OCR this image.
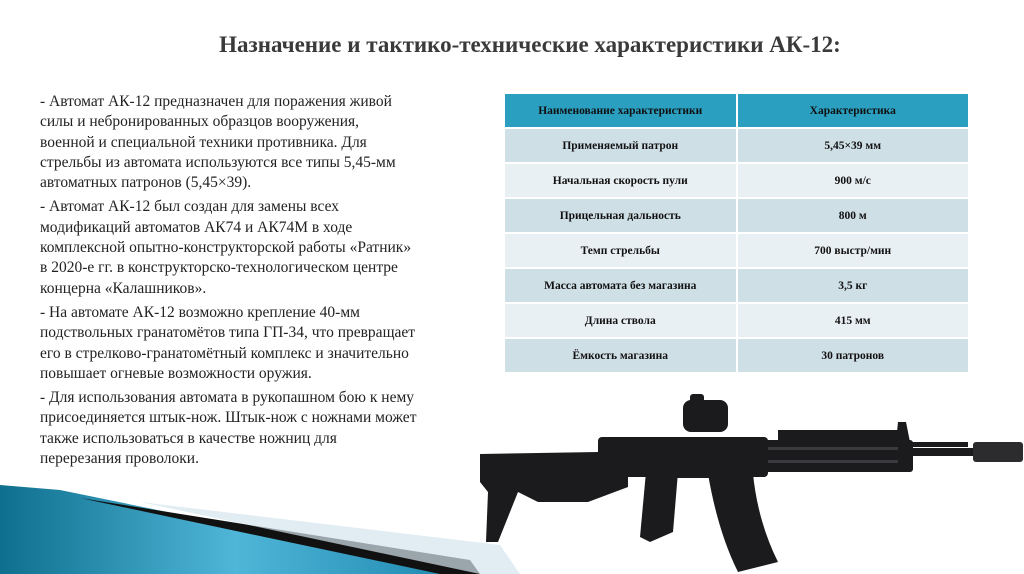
Назначение и тактико-технические характеристики АК-12:
- Автомат АК-12 предназначен для поражения живой
силы и небронированных образцов вооружения,
военной и специальной техники противника. Для
стрельбы из автомата используются все типы 5,45-мм
автоматных патронов (5,45×39).
- Автомат АК-12 был создан для замены всех
модификаций автоматов АК74 и АК74М в ходе
комплексной опытно-конструкторской работы «Ратник»
в 2020-е гг. в конструкторско-технологическом центре
концерна «Калашников».
- На автомате АК-12 возможно крепление 40-мм
подствольных гранатомётов типа ГП-34, что превращает
его в стрелково-гранатомётный комплекс и значительно
повышает огневые возможности оружия.
- Для использования автомата в рукопашном бою к нему
присоединяется штык-нож. Штык-нож с ножнами может
также использоваться в качестве ножниц для
перерезания проволоки.
Наименование характеристики	Характеристика
Применяемый патрон	5,45×39 мм
Начальная скорость пули	900 м/с
Прицельная дальность	800 м
Темп стрельбы	700 выстр/мин
Масса автомата без магазина	3,5 кг
Длина ствола	415 мм
Ёмкость магазина	30 патронов
